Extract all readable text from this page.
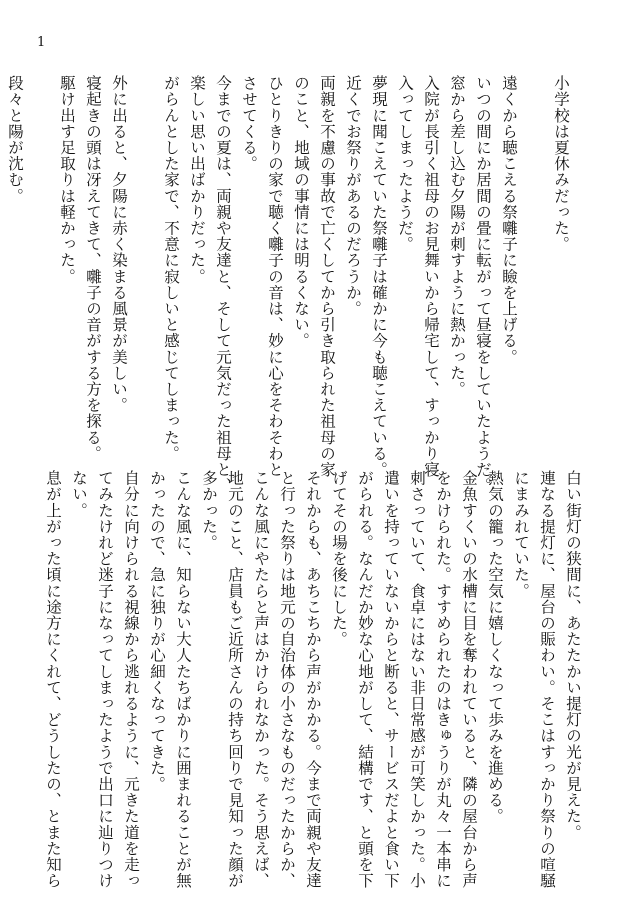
1
小学校は夏休みだった。

遠くから聴こえる祭囃子に瞼を上げる。
いつの間にか居間の畳に転がって昼寝をしていたようだ。
窓から差し込む夕陽が刺すように熱かった。
入院が長引く祖母のお見舞いから帰宅して、すっかり寝
入ってしまったようだ。
夢現に聞こえていた祭囃子は確かに今も聴こえている。
近くでお祭りがあるのだろうか。
両親を不慮の事故で亡くしてから引き取られた祖母の家
のこと、地域の事情には明るくない。
ひとりきりの家で聴く囃子の音は、妙に心をそわそわと
させてくる。
今までの夏は、両親や友達と、そして元気だった祖母と、
楽しい思い出ばかりだった。
がらんとした家で、不意に寂しいと感じてしまった。

外に出ると、夕陽に赤く染まる風景が美しい。
寝起きの頭は冴えてきて、囃子の音がする方を探る。
駆け出す足取りは軽かった。

段々と陽が沈む。
白い街灯の狭間に、あたたかい提灯の光が見えた。
連なる提灯に、屋台の賑わい。そこはすっかり祭りの喧騒
にまみれていた。
熱気の籠った空気に嬉しくなって歩みを進める。
金魚すくいの水槽に目を奪われていると、隣の屋台から声
をかけられた。すすめられたのはきゅうりが丸々一本串に
刺さっていて、食卓にはない非日常感が可笑しかった。小
遣いを持っていないからと断ると、サービスだよと食い下
がられる。なんだか妙な心地がして、結構です、と頭を下
げてその場を後にした。
それからも、あちこちから声がかかる。今まで両親や友達
と行った祭りは地元の自治体の小さなものだったからか、
こんな風にやたらと声はかけられなかった。そう思えば、
地元のこと、店員もご近所さんの持ち回りで見知った顔が
多かった。
こんな風に、知らない大人たちばかりに囲まれることが無
かったので、急に独りが心細くなってきた。
自分に向けられる視線から逃れるように、元きた道を走っ
てみたけれど迷子になってしまったようで出口に辿りつけ
ない。
息が上がった頃に途方にくれて、どうしたの、とまた知ら
